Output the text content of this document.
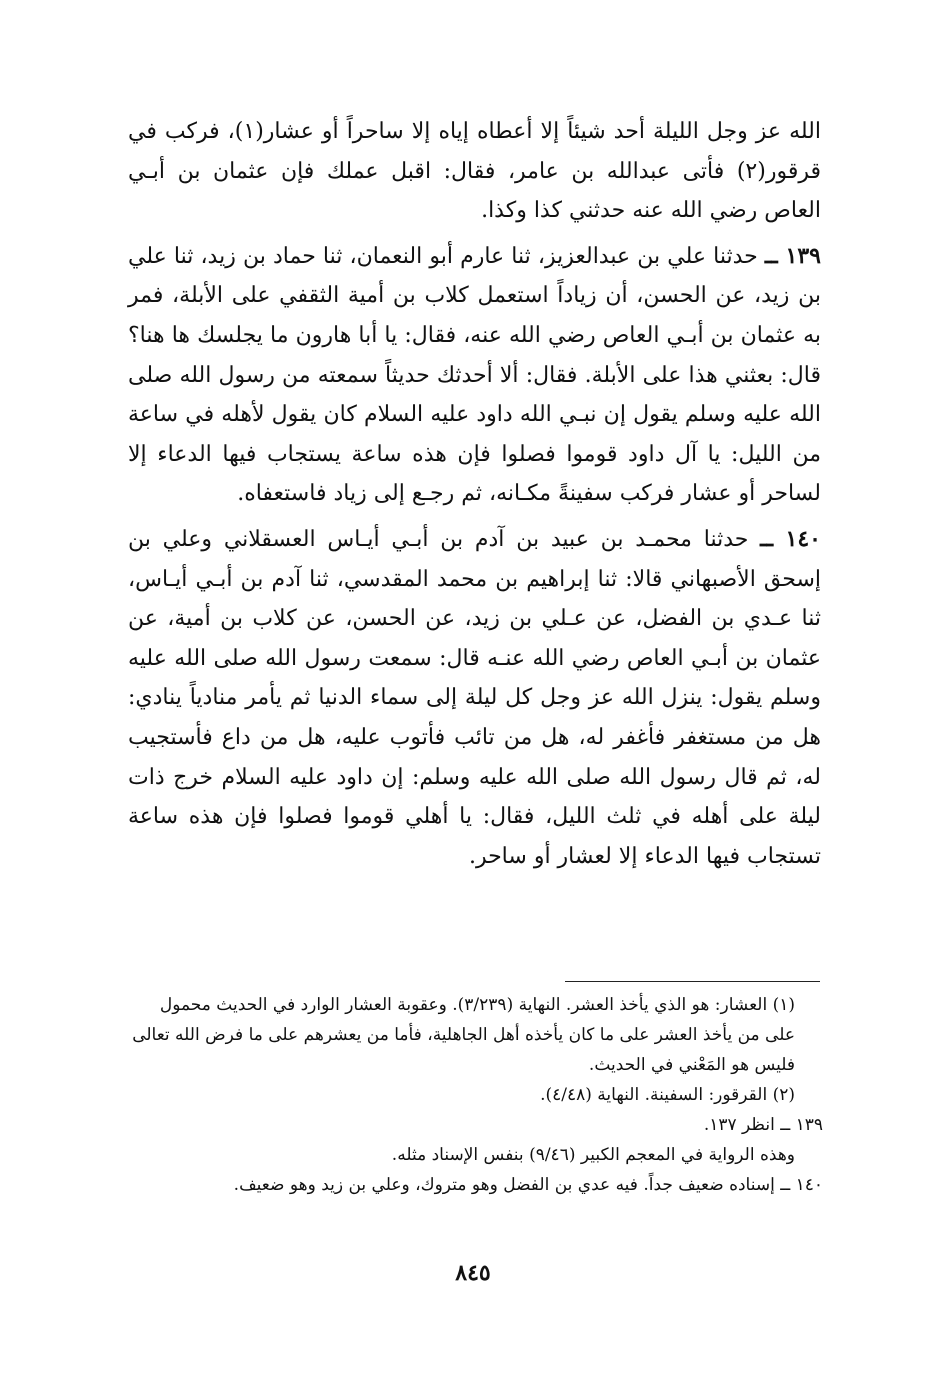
الله عز وجل الليلة أحد شيئاً إلا أعطاه إياه إلا ساحراً أو عشار(١)، فركب في قرقور(٢) فأتى عبدالله بن عامر، فقال: اقبل عملك فإن عثمان بن أبـي العاص رضي الله عنه حدثني كذا وكذا.

١٣٩ ــ حدثنا علي بن عبدالعزيز، ثنا عارم أبو النعمان، ثنا حماد بن زيد، ثنا علي بن زيد، عن الحسن، أن زياداً استعمل كلاب بن أمية الثقفي على الأبلة، فمر به عثمان بن أبـي العاص رضي الله عنه، فقال: يا أبا هارون ما يجلسك ها هنا؟ قال: بعثني هذا على الأبلة. فقال: ألا أحدثك حديثاً سمعته من رسول الله صلى الله عليه وسلم يقول إن نبـي الله داود عليه السلام كان يقول لأهله في ساعة من الليل: يا آل داود قوموا فصلوا فإن هذه ساعة يستجاب فيها الدعاء إلا لساحر أو عشار فركب سفينةً مكـانه، ثم رجـع إلى زياد فاستعفاه.

١٤٠ ــ حدثنا محمـد بن عبيد بن آدم بن أبـي أيـاس العسقلاني وعلي بن إسحق الأصبهاني قالا: ثنا إبراهيم بن محمد المقدسي، ثنا آدم بن أبـي أيـاس، ثنا عـدي بن الفضل، عن عـلي بن زيد، عن الحسن، عن كلاب بن أمية، عن عثمان بن أبـي العاص رضي الله عنـه قال: سمعت رسول الله صلى الله عليه وسلم يقول: ينزل الله عز وجل كل ليلة إلى سماء الدنيا ثم يأمر منادياً ينادي: هل من مستغفر فأغفر له، هل من تائب فأتوب عليه، هل من داع فأستجيب له، ثم قال رسول الله صلى الله عليه وسلم: إن داود عليه السلام خرج ذات ليلة على أهله في ثلث الليل، فقال: يا أهلي قوموا فصلوا فإن هذه ساعة تستجاب فيها الدعاء إلا لعشار أو ساحر.

(١) العشار: هو الذي يأخذ العشر. النهاية (٣/٢٣٩). وعقوبة العشار الوارد في الحديث محمول على من يأخذ العشر على ما كان يأخذه أهل الجاهلية، فأما من يعشرهم على ما فرض الله تعالى فليس هو المَعْني في الحديث.

(٢) القرقور: السفينة. النهاية (٤/٤٨).

١٣٩ ــ انظر ١٣٧.

وهذه الرواية في المعجم الكبير (٩/٤٦) بنفس الإسناد مثله.

١٤٠ ــ إسناده ضعيف جداً. فيه عدي بن الفضل وهو متروك، وعلي بن زيد وهو ضعيف.

٨٤٥
